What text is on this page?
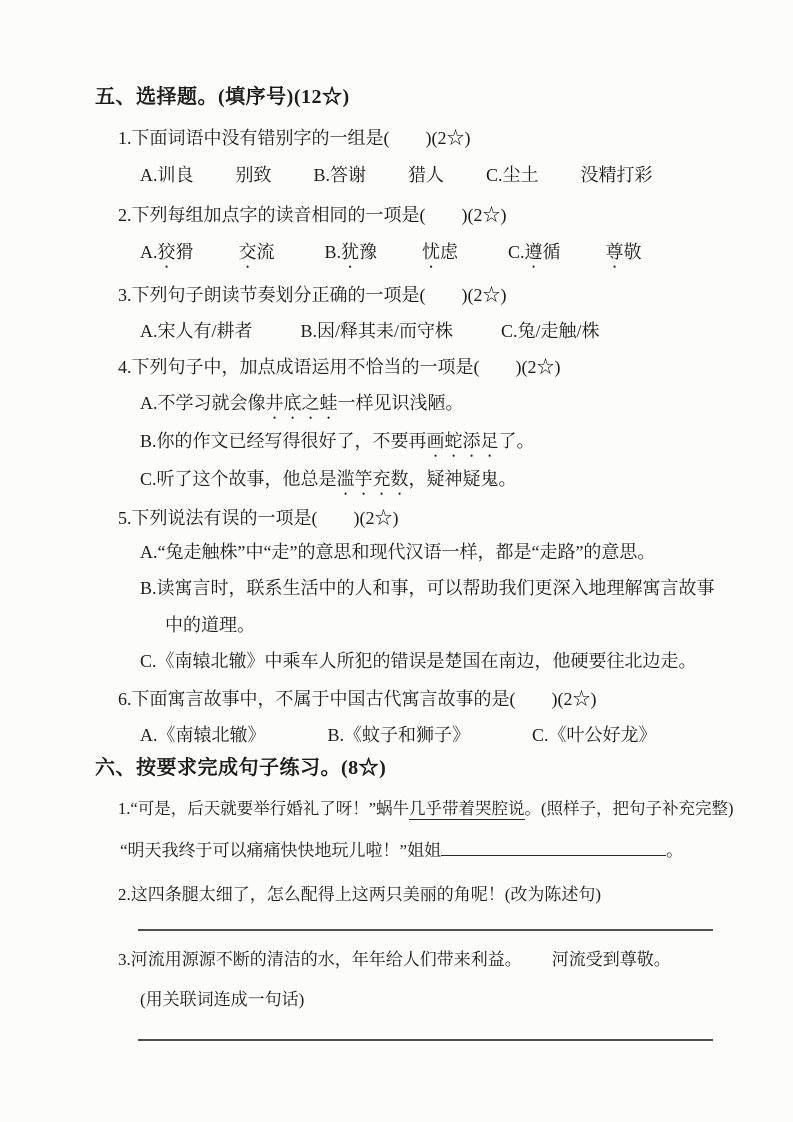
五、选择题。(填序号)(12☆)
1.下面词语中没有错别字的一组是(　　)(2☆)
A.训良 别致 B.答谢 猎人 C.尘土 没精打彩
2.下列每组加点字的读音相同的一项是(　　)(2☆)
A.狡猾	交流	B.犹豫	忧虑	C.遵循	尊敬
3.下列句子朗读节奏划分正确的一项是(　　)(2☆)
A.宋人有/耕者	B.因/释其耒/而守株	C.兔/走触/株
4.下列句子中，加点成语运用不恰当的一项是(　　)(2☆)
A.不学习就会像井底之蛙一样见识浅陋。
B.你的作文已经写得很好了，不要再画蛇添足了。
C.听了这个故事，他总是滥竽充数，疑神疑鬼。
5.下列说法有误的一项是(　　)(2☆)
A.“兔走触株”中“走”的意思和现代汉语一样，都是“走路”的意思。
B.读寓言时，联系生活中的人和事，可以帮助我们更深入地理解寓言故事
中的道理。
C.《南辕北辙》中乘车人所犯的错误是楚国在南边，他硬要往北边走。
6.下面寓言故事中，不属于中国古代寓言故事的是(　　)(2☆)
A.《南辕北辙》	B.《蚊子和狮子》	C.《叶公好龙》
六、按要求完成句子练习。(8☆)
1.“可是，后天就要举行婚礼了呀！”蜗牛几乎带着哭腔说。(照样子，把句子补充完整)
“明天我终于可以痛痛快快地玩儿啦！”姐姐	。
2.这四条腿太细了，怎么配得上这两只美丽的角呢！(改为陈述句)
3.河流用源源不断的清洁的水，年年给人们带来利益。 河流受到尊敬。
(用关联词连成一句话)
